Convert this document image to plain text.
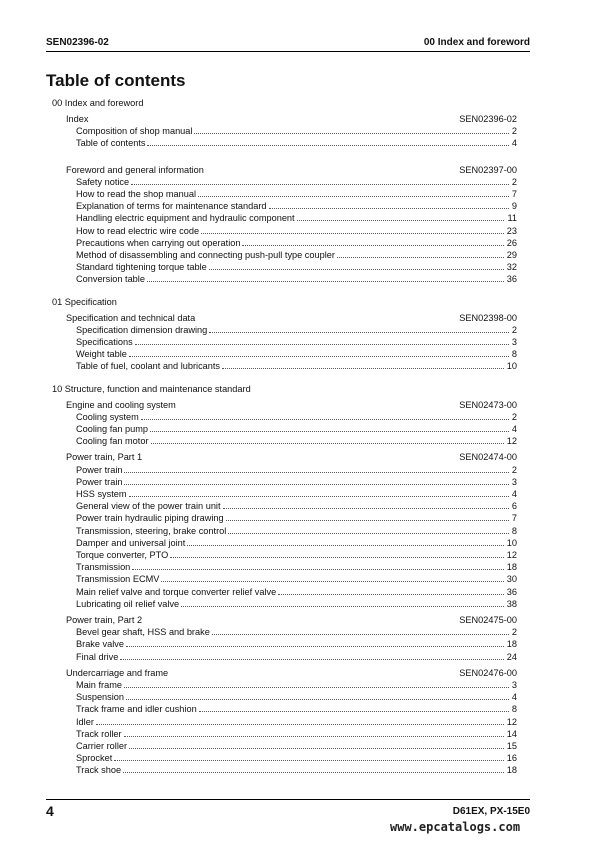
SEN02396-02	00 Index and foreword
Table of contents
00 Index and foreword
Index	SEN02396-02
Composition of shop manual	2
Table of contents	4
Foreword and general information	SEN02397-00
Safety notice	2
How to read the shop manual	7
Explanation of terms for maintenance standard	9
Handling electric equipment and hydraulic component	11
How to read electric wire code	23
Precautions when carrying out operation	26
Method of disassembling and connecting push-pull type coupler	29
Standard tightening torque table	32
Conversion table	36
01 Specification
Specification and technical data	SEN02398-00
Specification dimension drawing	2
Specifications	3
Weight table	8
Table of fuel, coolant and lubricants	10
10 Structure, function and maintenance standard
Engine and cooling system	SEN02473-00
Cooling system	2
Cooling fan pump	4
Cooling fan motor	12
Power train, Part 1	SEN02474-00
Power train	2
Power train	3
HSS system	4
General view of the power train unit	6
Power train hydraulic piping drawing	7
Transmission, steering, brake control	8
Damper and universal joint	10
Torque converter, PTO	12
Transmission	18
Transmission ECMV	30
Main relief valve and torque converter relief valve	36
Lubricating oil relief valve	38
Power train, Part 2	SEN02475-00
Bevel gear shaft, HSS and brake	2
Brake valve	18
Final drive	24
Undercarriage and frame	SEN02476-00
Main frame	3
Suspension	4
Track frame and idler cushion	8
Idler	12
Track roller	14
Carrier roller	15
Sprocket	16
Track shoe	18
4	D61EX, PX-15E0
www.epcatalogs.com
